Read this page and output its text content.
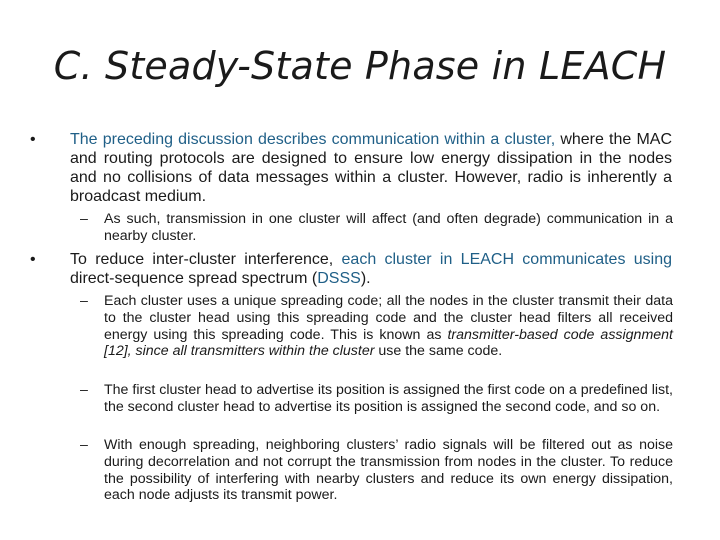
C. Steady-State Phase in LEACH
• The preceding discussion describes communication within a cluster, where the MAC and routing protocols are designed to ensure low energy dissipation in the nodes and no collisions of data messages within a cluster. However, radio is inherently a broadcast medium.
– As such, transmission in one cluster will affect (and often degrade) communication in a nearby cluster.
• To reduce inter-cluster interference, each cluster in LEACH communicates using direct-sequence spread spectrum (DSSS).
– Each cluster uses a unique spreading code; all the nodes in the cluster transmit their data to the cluster head using this spreading code and the cluster head filters all received energy using this spreading code. This is known as transmitter-based code assignment [12], since all transmitters within the cluster use the same code.
– The first cluster head to advertise its position is assigned the first code on a predefined list, the second cluster head to advertise its position is assigned the second code, and so on.
– With enough spreading, neighboring clusters’ radio signals will be filtered out as noise during decorrelation and not corrupt the transmission from nodes in the cluster. To reduce the possibility of interfering with nearby clusters and reduce its own energy dissipation, each node adjusts its transmit power.
